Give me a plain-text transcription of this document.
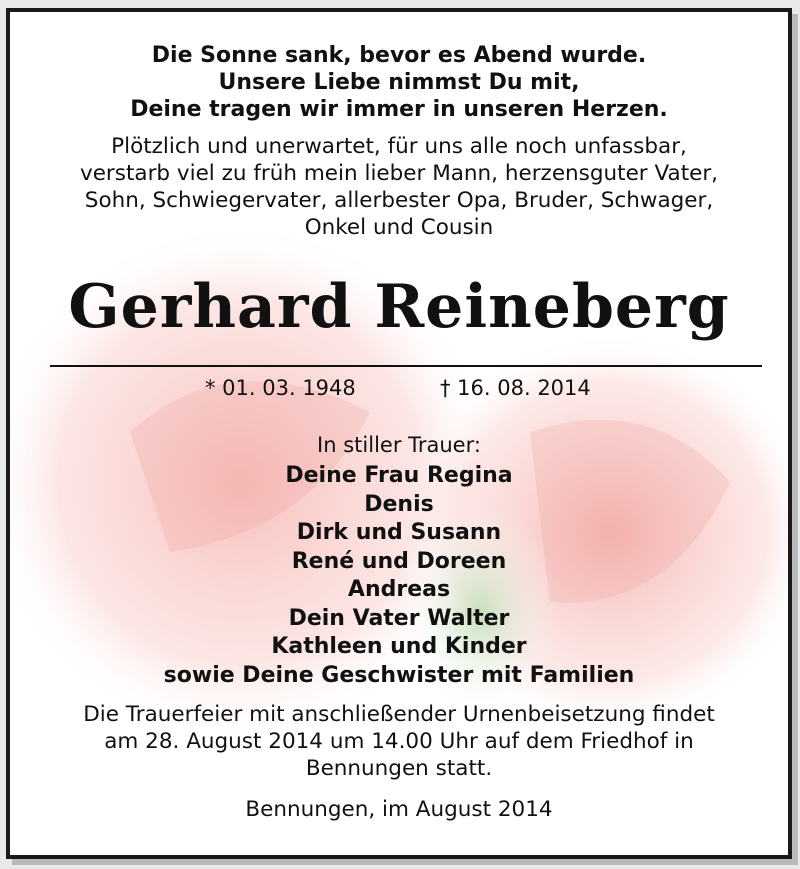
Die Sonne sank, bevor es Abend wurde.
Unsere Liebe nimmst Du mit,
Deine tragen wir immer in unseren Herzen.
Plötzlich und unerwartet, für uns alle noch unfassbar,
verstarb viel zu früh mein lieber Mann, herzensguter Vater,
Sohn, Schwiegervater, allerbester Opa, Bruder, Schwager,
Onkel und Cousin
Gerhard Reineberg
* 01. 03. 1948	† 16. 08. 2014
In stiller Trauer:
Deine Frau Regina
Denis
Dirk und Susann
René und Doreen
Andreas
Dein Vater Walter
Kathleen und Kinder
sowie Deine Geschwister mit Familien
Die Trauerfeier mit anschließender Urnenbeisetzung findet
am 28. August 2014 um 14.00 Uhr auf dem Friedhof in
Bennungen statt.
Bennungen, im August 2014
